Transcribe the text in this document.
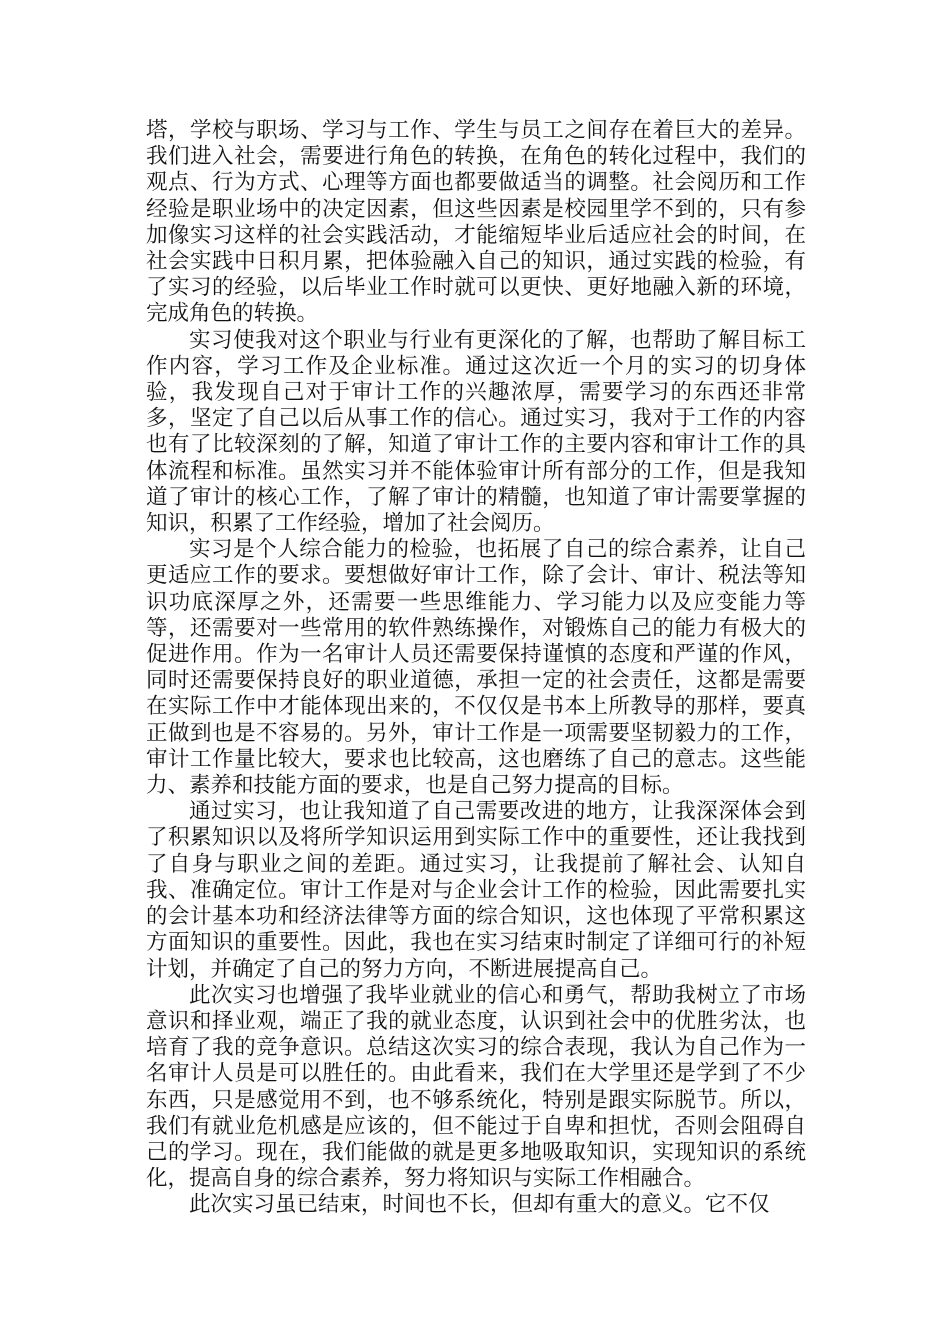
塔，学校与职场、学习与工作、学生与员工之间存在着巨大的差异。我们进入社会，需要进行角色的转换，在角色的转化过程中，我们的观点、行为方式、心理等方面也都要做适当的调整。社会阅历和工作经验是职业场中的决定因素，但这些因素是校园里学不到的，只有参加像实习这样的社会实践活动，才能缩短毕业后适应社会的时间，在社会实践中日积月累，把体验融入自己的知识，通过实践的检验，有了实习的经验，以后毕业工作时就可以更快、更好地融入新的环境，完成角色的转换。

实习使我对这个职业与行业有更深化的了解，也帮助了解目标工作内容，学习工作及企业标准。通过这次近一个月的实习的切身体验，我发现自己对于审计工作的兴趣浓厚，需要学习的东西还非常多，坚定了自己以后从事工作的信心。通过实习，我对于工作的内容也有了比较深刻的了解，知道了审计工作的主要内容和审计工作的具体流程和标准。虽然实习并不能体验审计所有部分的工作，但是我知道了审计的核心工作，了解了审计的精髓，也知道了审计需要掌握的知识，积累了工作经验，增加了社会阅历。

实习是个人综合能力的检验，也拓展了自己的综合素养，让自己更适应工作的要求。要想做好审计工作，除了会计、审计、税法等知识功底深厚之外，还需要一些思维能力、学习能力以及应变能力等等，还需要对一些常用的软件熟练操作，对锻炼自己的能力有极大的促进作用。作为一名审计人员还需要保持谨慎的态度和严谨的作风，同时还需要保持良好的职业道德，承担一定的社会责任，这都是需要在实际工作中才能体现出来的，不仅仅是书本上所教导的那样，要真正做到也是不容易的。另外，审计工作是一项需要坚韧毅力的工作，审计工作量比较大，要求也比较高，这也磨练了自己的意志。这些能力、素养和技能方面的要求，也是自己努力提高的目标。

通过实习，也让我知道了自己需要改进的地方，让我深深体会到了积累知识以及将所学知识运用到实际工作中的重要性，还让我找到了自身与职业之间的差距。通过实习，让我提前了解社会、认知自我、准确定位。审计工作是对与企业会计工作的检验，因此需要扎实的会计基本功和经济法律等方面的综合知识，这也体现了平常积累这方面知识的重要性。因此，我也在实习结束时制定了详细可行的补短计划，并确定了自己的努力方向，不断进展提高自己。

此次实习也增强了我毕业就业的信心和勇气，帮助我树立了市场意识和择业观，端正了我的就业态度，认识到社会中的优胜劣汰，也培育了我的竞争意识。总结这次实习的综合表现，我认为自己作为一名审计人员是可以胜任的。由此看来，我们在大学里还是学到了不少东西，只是感觉用不到，也不够系统化，特别是跟实际脱节。所以，我们有就业危机感是应该的，但不能过于自卑和担忧，否则会阻碍自己的学习。现在，我们能做的就是更多地吸取知识，实现知识的系统化，提高自身的综合素养，努力将知识与实际工作相融合。

此次实习虽已结束，时间也不长，但却有重大的意义。它不仅
